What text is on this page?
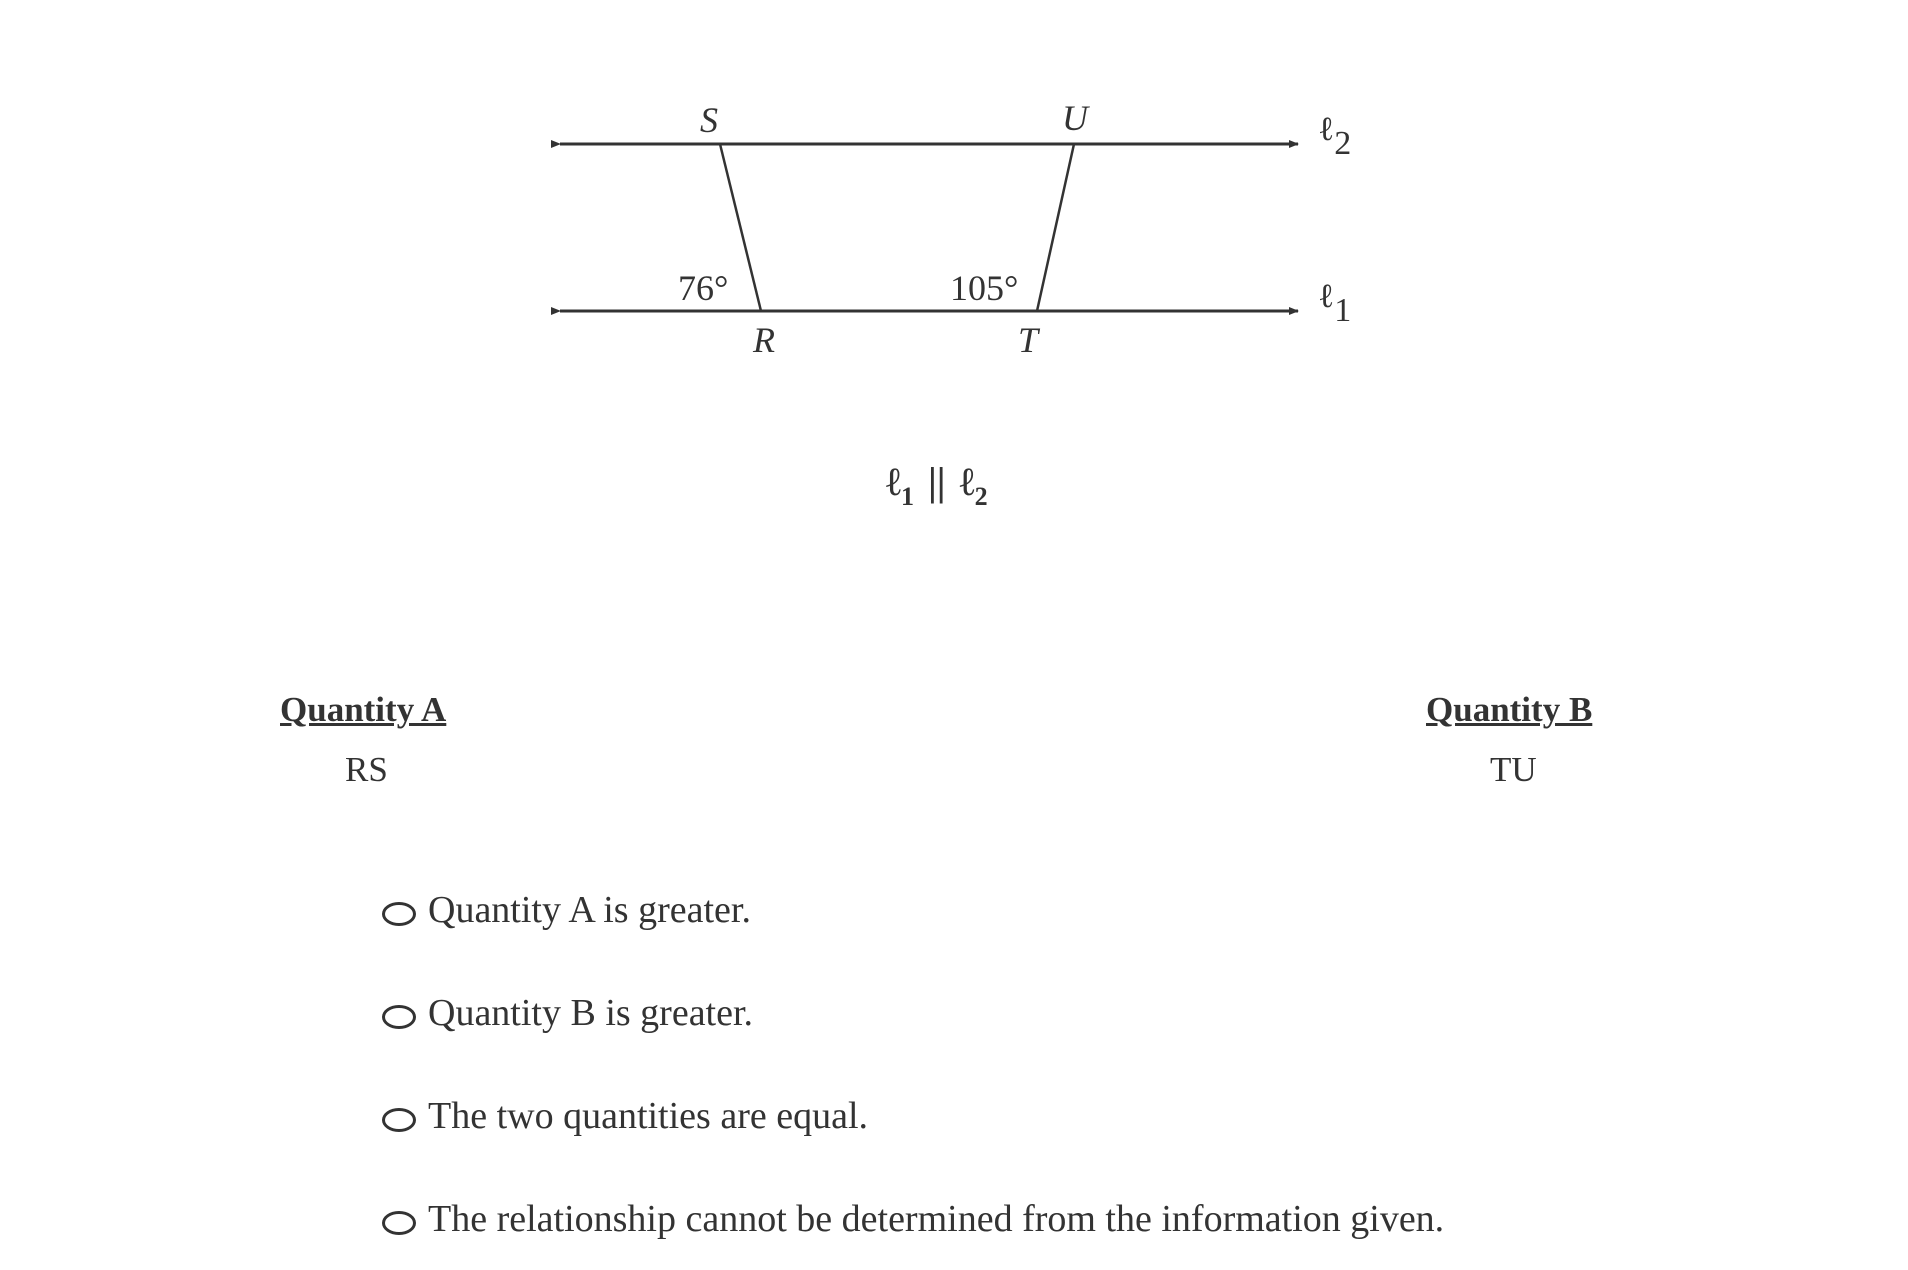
S	U
R	T
76°	105°
ℓ2
ℓ1
ℓ$_1$ || ℓ$_2$
Quantity A
RS
Quantity B
TU
Quantity A is greater.
Quantity B is greater.
The two quantities are equal.
The relationship cannot be determined from the information given.
